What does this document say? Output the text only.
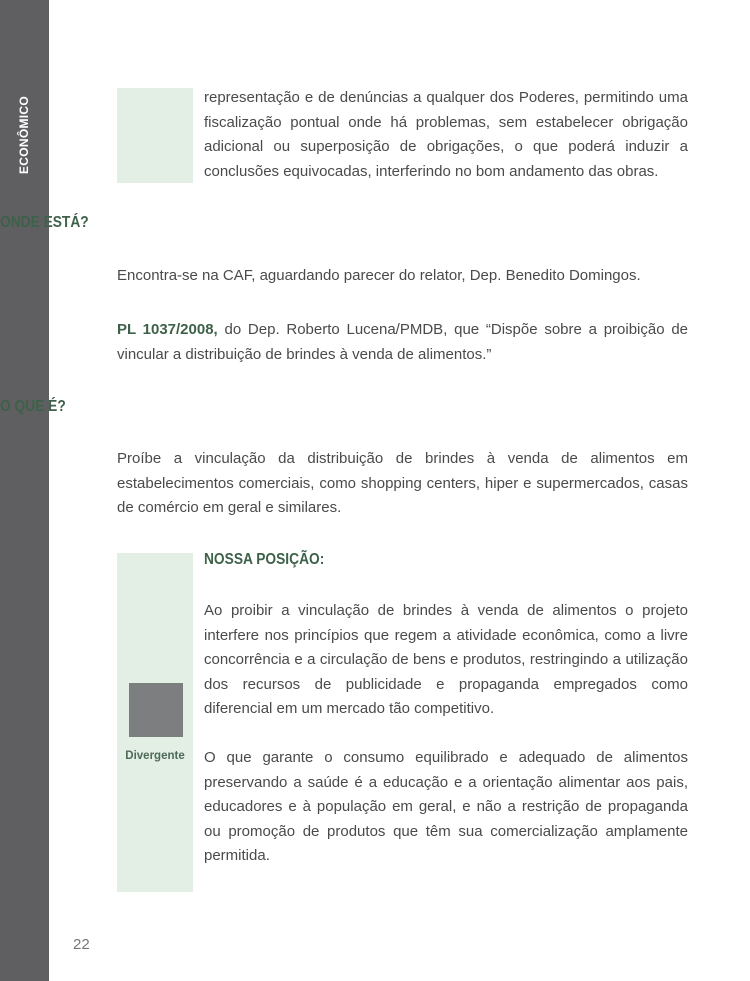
ECONÔMICO	representação e de denúncias a qualquer dos Poderes, permitindo uma fiscalização pontual onde há problemas, sem estabelecer obrigação adicional ou superposição de obrigações, o que poderá induzir a conclusões equivocadas, interferindo no bom andamento das obras.

ONDE ESTÁ?

Encontra-se na CAF, aguardando parecer do relator, Dep. Benedito Domingos.

PL 1037/2008, do Dep. Roberto Lucena/PMDB, que “Dispõe sobre a proibição de vincular a distribuição de brindes à venda de alimentos.”

O QUE É?

Proíbe a vinculação da distribuição de brindes à venda de alimentos em estabelecimentos comerciais, como shopping centers, hiper e supermercados, casas de comércio em geral e similares.

Divergente

NOSSA POSIÇÃO:

Ao proibir a vinculação de brindes à venda de alimentos o projeto interfere nos princípios que regem a atividade econômica, como a livre concorrência e a circulação de bens e produtos, restringindo a utilização dos recursos de publicidade e propaganda empregados como diferencial em um mercado tão competitivo.

O que garante o consumo equilibrado e adequado de alimentos preservando a saúde é a educação e a orientação alimentar aos pais, educadores e à população em geral, e não a restrição de propaganda ou promoção de produtos que têm sua comercialização amplamente permitida.

22
